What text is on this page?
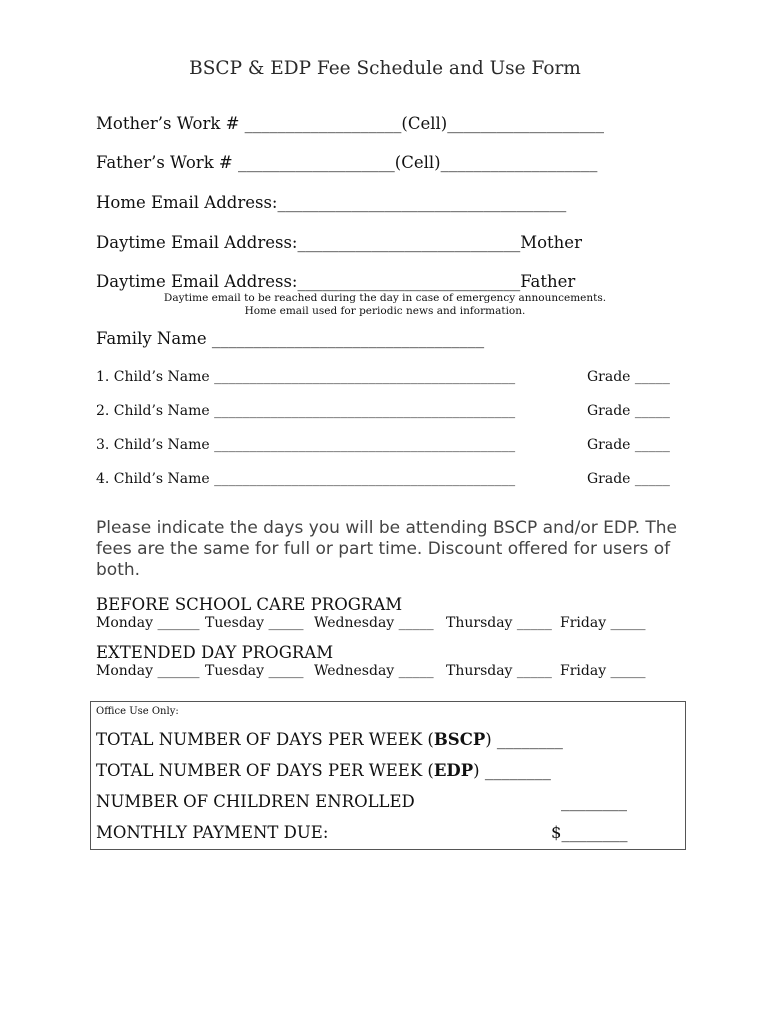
BSCP & EDP Fee Schedule and Use Form
Mother’s Work # ___________________(Cell)___________________
Father’s Work # ___________________(Cell)___________________
Home Email Address:___________________________________
Daytime Email Address:___________________________Mother
Daytime Email Address:___________________________Father
Daytime email to be reached during the day in case of emergency announcements.
Home email used for periodic news and information.
Family Name _________________________________
1. Child’s Name ___________________________________________	Grade _____
2. Child’s Name ___________________________________________	Grade _____
3. Child’s Name ___________________________________________	Grade _____
4. Child’s Name ___________________________________________	Grade _____
Please indicate the days you will be attending BSCP and/or EDP. The fees are the same for full or part time. Discount offered for users of both.
BEFORE SCHOOL CARE PROGRAM
Monday ______ Tuesday _____ Wednesday _____ Thursday _____ Friday _____
EXTENDED DAY PROGRAM
Monday ______ Tuesday _____ Wednesday _____ Thursday _____ Friday _____
Office Use Only:
TOTAL NUMBER OF DAYS PER WEEK (BSCP) ________
TOTAL NUMBER OF DAYS PER WEEK (EDP) ________
NUMBER OF CHILDREN ENROLLED	________
MONTHLY PAYMENT DUE:	$________
